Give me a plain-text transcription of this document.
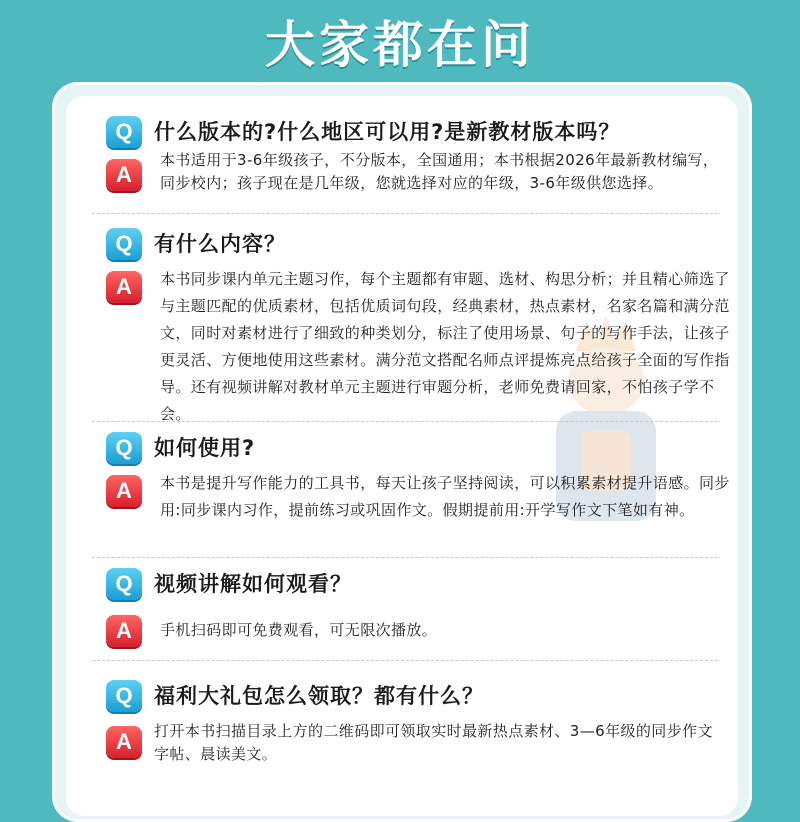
大家都在问
Q	什么版本的?什么地区可以用?是新教材版本吗？
A
本书适用于3-6年级孩子，不分版本，全国通用；本书根据2026年最新教材编写，同步校内；孩子现在是几年级，您就选择对应的年级，3-6年级供您选择。
Q	有什么内容？
A	本书同步课内单元主题习作，每个主题都有审题、选材、构思分析；并且精心筛选了与主题匹配的优质素材，包括优质词句段，经典素材，热点素材，名家名篇和满分范文，同时对素材进行了细致的种类划分，标注了使用场景、句子的写作手法，让孩子更灵活、方便地使用这些素材。满分范文搭配名师点评提炼亮点给孩子全面的写作指导。还有视频讲解对教材单元主题进行审题分析，老师免费请回家，不怕孩子学不会。
Q	如何使用?
A	本书是提升写作能力的工具书，每天让孩子坚持阅读，可以积累素材提升语感。同步用:同步课内习作，提前练习或巩固作文。假期提前用:开学写作文下笔如有神。
Q	视频讲解如何观看？
A	手机扫码即可免费观看，可无限次播放。
Q	福利大礼包怎么领取？都有什么？
A	打开本书扫描目录上方的二维码即可领取实时最新热点素材、3—6年级的同步作文字帖、晨读美文。
